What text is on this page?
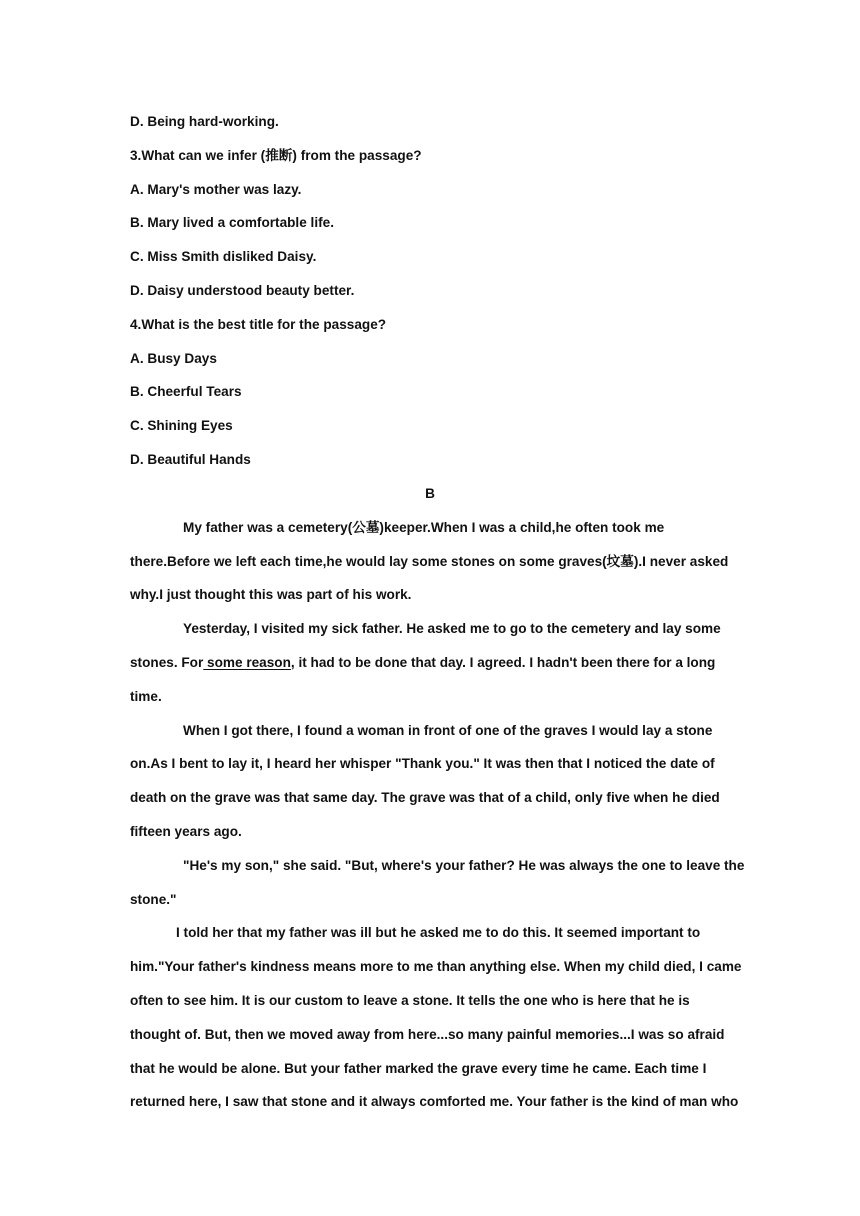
D. Being hard-working.
3.What can we infer (推断) from the passage?
A. Mary's mother was lazy.
B. Mary lived a comfortable life.
C. Miss Smith disliked Daisy.
D. Daisy understood beauty better.
4.What is the best title for the passage?
A. Busy Days
B. Cheerful Tears
C. Shining Eyes
D. Beautiful Hands
B
My father was a cemetery(公墓)keeper.When I was a child,he often took me
there.Before we left each time,he would lay some stones on some graves(坟墓).I never asked
why.I just thought this was part of his work.
Yesterday, I visited my sick father. He asked me to go to the cemetery and lay some
stones. For some reason, it had to be done that day. I agreed. I hadn't been there for a long
time.
When I got there, I found a woman in front of one of the graves I would lay a stone
on.As I bent to lay it, I heard her whisper "Thank you." It was then that I noticed the date of
death on the grave was that same day. The grave was that of a child, only five when he died
fifteen years ago.
"He's my son," she said. "But, where's your father? He was always the one to leave the
stone."
I told her that my father was ill but he asked me to do this. It seemed important to
him."Your father's kindness means more to me than anything else. When my child died, I came
often to see him. It is our custom to leave a stone. It tells the one who is here that he is
thought of. But, then we moved away from here...so many painful memories...I was so afraid
that he would be alone. But your father marked the grave every time he came. Each time I
returned here, I saw that stone and it always comforted me. Your father is the kind of man who
